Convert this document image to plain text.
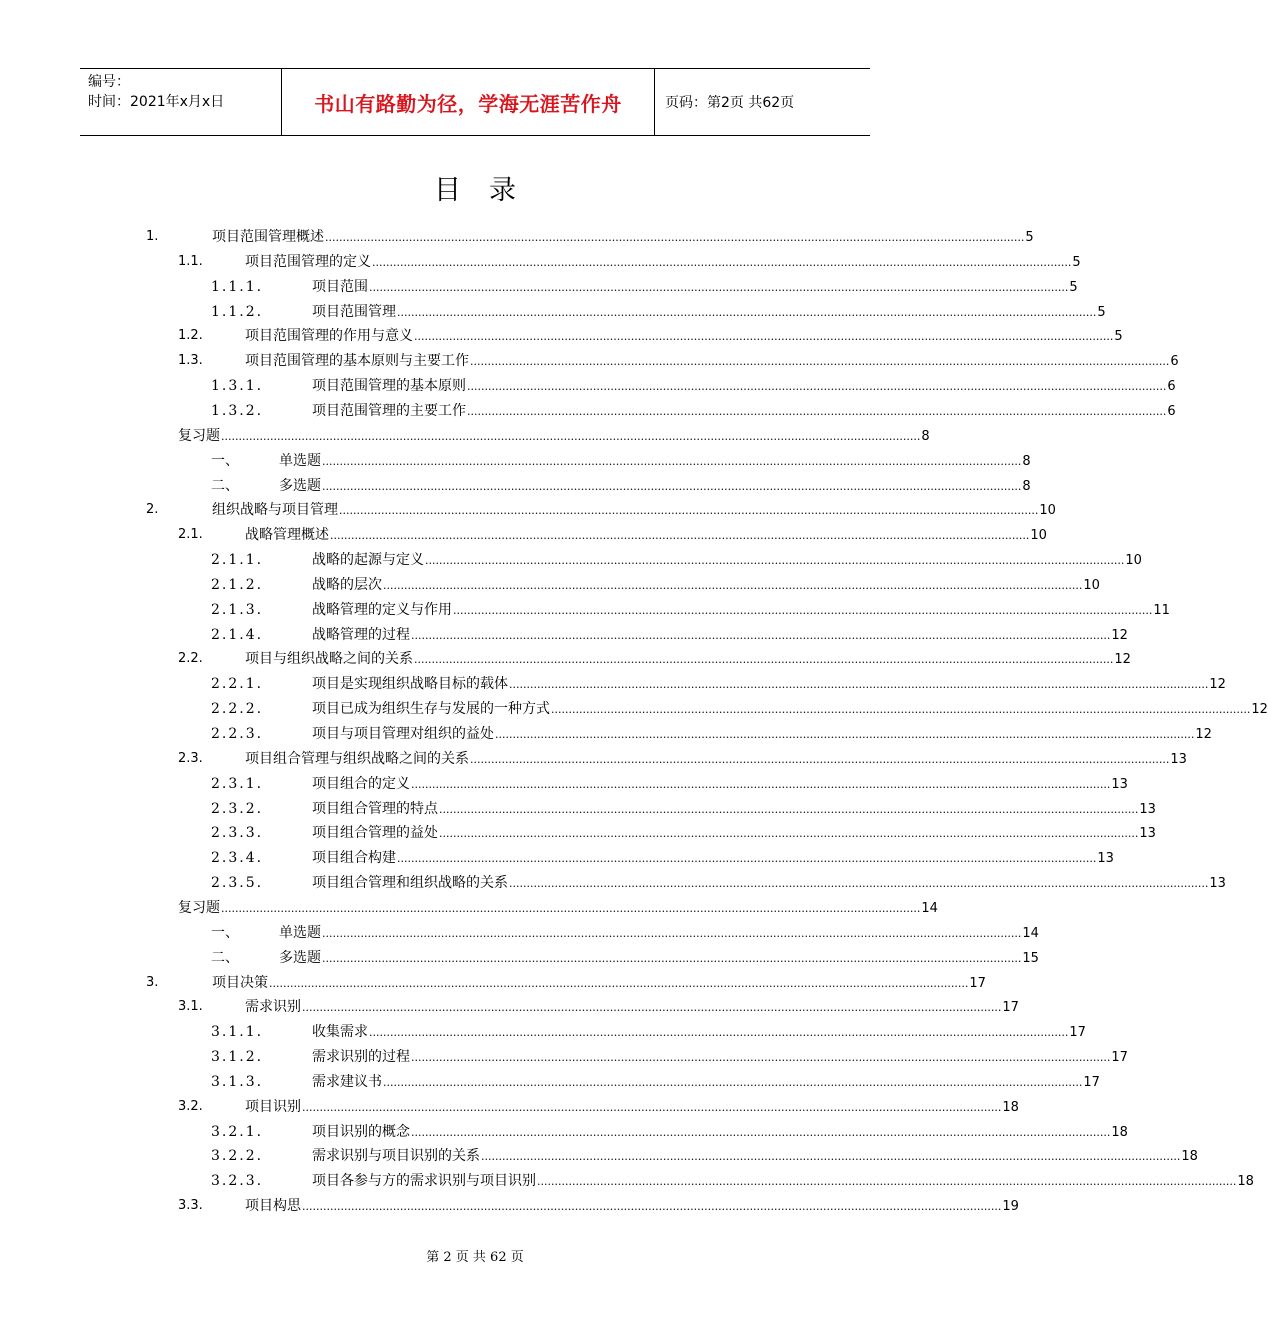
编号：
时间：2021年x月x日	书山有路勤为径，学海无涯苦作舟	页码：第2页 共62页
目录
1.	项目范围管理概述 ........................................................................................................................................................................................................ 5
1.1.	项目范围管理的定义 ........................................................................................................................................................................................................ 5
1.1.1.	项目范围 ........................................................................................................................................................................................................ 5
1.1.2.	项目范围管理 ........................................................................................................................................................................................................ 5
1.2.	项目范围管理的作用与意义 ........................................................................................................................................................................................................ 5
1.3.	项目范围管理的基本原则与主要工作 ........................................................................................................................................................................................................ 6
1.3.1.	项目范围管理的基本原则 ........................................................................................................................................................................................................ 6
1.3.2.	项目范围管理的主要工作 ........................................................................................................................................................................................................ 6
复习题 ........................................................................................................................................................................................................ 8
一、	单选题 ........................................................................................................................................................................................................ 8
二、	多选题 ........................................................................................................................................................................................................ 8
2.	组织战略与项目管理 ........................................................................................................................................................................................................ 10
2.1.	战略管理概述 ........................................................................................................................................................................................................ 10
2.1.1.	战略的起源与定义 ........................................................................................................................................................................................................ 10
2.1.2.	战略的层次 ........................................................................................................................................................................................................ 10
2.1.3.	战略管理的定义与作用 ........................................................................................................................................................................................................ 11
2.1.4.	战略管理的过程 ........................................................................................................................................................................................................ 12
2.2.	项目与组织战略之间的关系 ........................................................................................................................................................................................................ 12
2.2.1.	项目是实现组织战略目标的载体 ........................................................................................................................................................................................................ 12
2.2.2.	项目已成为组织生存与发展的一种方式 ........................................................................................................................................................................................................ 12
2.2.3.	项目与项目管理对组织的益处 ........................................................................................................................................................................................................ 12
2.3.	项目组合管理与组织战略之间的关系 ........................................................................................................................................................................................................ 13
2.3.1.	项目组合的定义 ........................................................................................................................................................................................................ 13
2.3.2.	项目组合管理的特点 ........................................................................................................................................................................................................ 13
2.3.3.	项目组合管理的益处 ........................................................................................................................................................................................................ 13
2.3.4.	项目组合构建 ........................................................................................................................................................................................................ 13
2.3.5.	项目组合管理和组织战略的关系 ........................................................................................................................................................................................................ 13
复习题 ........................................................................................................................................................................................................ 14
一、	单选题 ........................................................................................................................................................................................................ 14
二、	多选题 ........................................................................................................................................................................................................ 15
3.	项目决策 ........................................................................................................................................................................................................ 17
3.1.	需求识别 ........................................................................................................................................................................................................ 17
3.1.1.	收集需求 ........................................................................................................................................................................................................ 17
3.1.2.	需求识别的过程 ........................................................................................................................................................................................................ 17
3.1.3.	需求建议书 ........................................................................................................................................................................................................ 17
3.2.	项目识别 ........................................................................................................................................................................................................ 18
3.2.1.	项目识别的概念 ........................................................................................................................................................................................................ 18
3.2.2.	需求识别与项目识别的关系 ........................................................................................................................................................................................................ 18
3.2.3.	项目各参与方的需求识别与项目识别 ........................................................................................................................................................................................................ 18
3.3.	项目构思 ........................................................................................................................................................................................................ 19
第 2 页 共 62 页
